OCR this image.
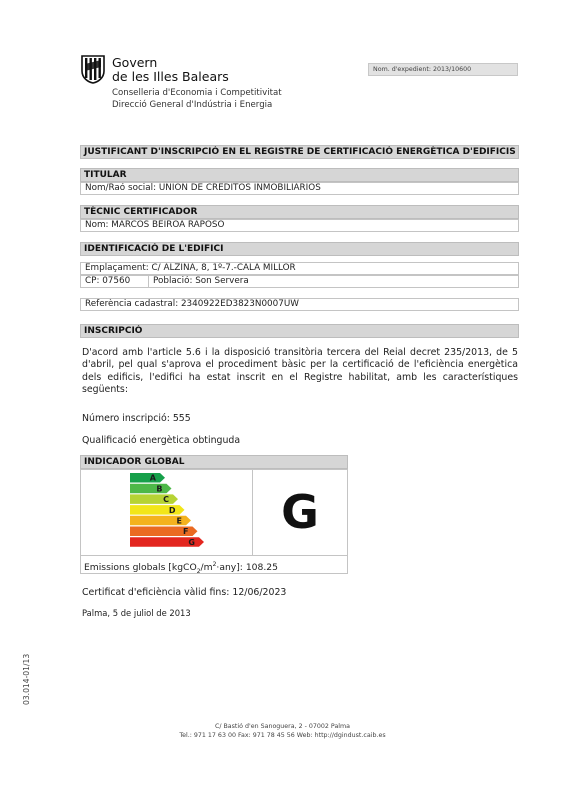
Govern
de les Illes Balears
Conselleria d'Economia i Competitivitat
Direcció General d'Indústria i Energia
Nom. d'expedient: 2013/10600
JUSTIFICANT D'INSCRIPCIÓ EN EL REGISTRE DE CERTIFICACIÓ ENERGÈTICA D'EDIFICIS
TITULAR
Nom/Raó social: UNION DE CREDITOS INMOBILIARIOS
TÈCNIC CERTIFICADOR
Nom: MARCOS BEIROA RAPOSO
IDENTIFICACIÓ DE L'EDIFICI
Emplaçament: C/ ALZINA, 8, 1º-7.-CALA MILLOR
CP: 07560	Població: Son Servera
Referència cadastral: 2340922ED3823N0007UW
INSCRIPCIÓ
D'acord amb l'article 5.6 i la disposició transitòria tercera del Reial decret 235/2013, de 5 d'abril, pel qual s'aprova el procediment bàsic per la certificació de l'eficiència energètica dels edificis, l'edifici ha estat inscrit en el Registre habilitat, amb les característiques següents:
Número inscripció: 555
Qualificació energètica obtinguda
INDICADOR GLOBAL
A
B
C
D
E
F
G
G
Emissions globals $[kgCO_2/m^2\cdot any]$: 108.25
Certificat d'eficiència vàlid fins: 12/06/2023
Palma, 5 de juliol de 2013
03.014-01/13
C/ Bastió d'en Sanoguera, 2 - 07002 Palma
Tel.: 971 17 63 00 Fax: 971 78 45 56 Web: http://dgindust.caib.es
